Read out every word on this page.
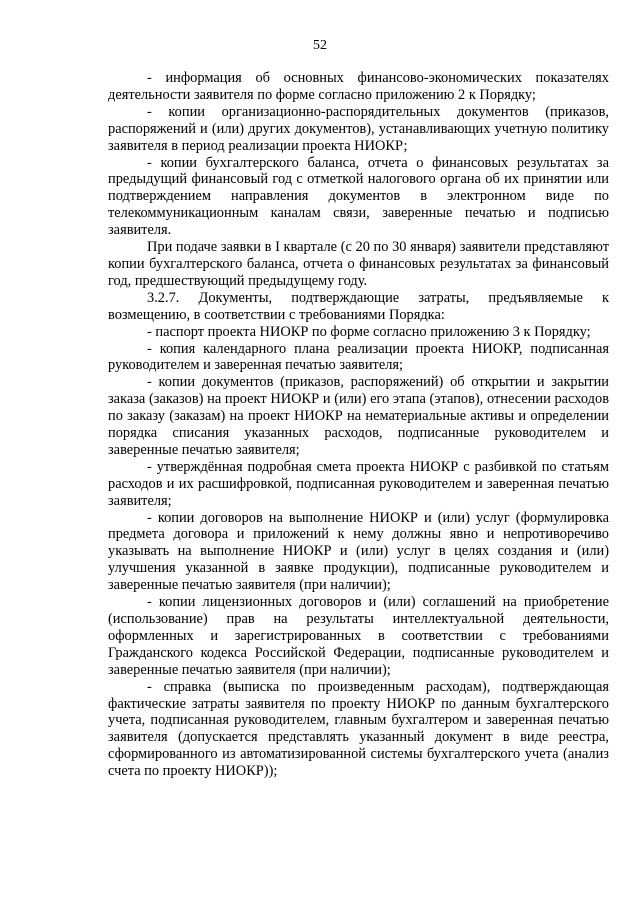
52

- информация об основных финансово-экономических показателях деятельности заявителя по форме согласно приложению 2 к Порядку;

- копии организационно-распорядительных документов (приказов, распоряжений и (или) других документов), устанавливающих учетную политику заявителя в период реализации проекта НИОКР;

- копии бухгалтерского баланса, отчета о финансовых результатах за предыдущий финансовый год с отметкой налогового органа об их принятии или подтверждением направления документов в электронном виде по телекоммуникационным каналам связи, заверенные печатью и подписью заявителя.

При подаче заявки в I квартале (с 20 по 30 января) заявители представляют копии бухгалтерского баланса, отчета о финансовых результатах за финансовый год, предшествующий предыдущему году.

3.2.7. Документы, подтверждающие затраты, предъявляемые к возмещению, в соответствии с требованиями Порядка:

- паспорт проекта НИОКР по форме согласно приложению 3 к Порядку;

- копия календарного плана реализации проекта НИОКР, подписанная руководителем и заверенная печатью заявителя;

- копии документов (приказов, распоряжений) об открытии и закрытии заказа (заказов) на проект НИОКР и (или) его этапа (этапов), отнесении расходов по заказу (заказам) на проект НИОКР на нематериальные активы и определении порядка списания указанных расходов, подписанные руководителем и заверенные печатью заявителя;

- утверждённая подробная смета проекта НИОКР с разбивкой по статьям расходов и их расшифровкой, подписанная руководителем и заверенная печатью заявителя;

- копии договоров на выполнение НИОКР и (или) услуг (формулировка предмета договора и приложений к нему должны явно и непротиворечиво указывать на выполнение НИОКР и (или) услуг в целях создания и (или) улучшения указанной в заявке продукции), подписанные руководителем и заверенные печатью заявителя (при наличии);

- копии лицензионных договоров и (или) соглашений на приобретение (использование) прав на результаты интеллектуальной деятельности, оформленных и зарегистрированных в соответствии с требованиями Гражданского кодекса Российской Федерации, подписанные руководителем и заверенные печатью заявителя (при наличии);

- справка (выписка по произведенным расходам), подтверждающая фактические затраты заявителя по проекту НИОКР по данным бухгалтерского учета, подписанная руководителем, главным бухгалтером и заверенная печатью заявителя (допускается представлять указанный документ в виде реестра, сформированного из автоматизированной системы бухгалтерского учета (анализ счета по проекту НИОКР));
